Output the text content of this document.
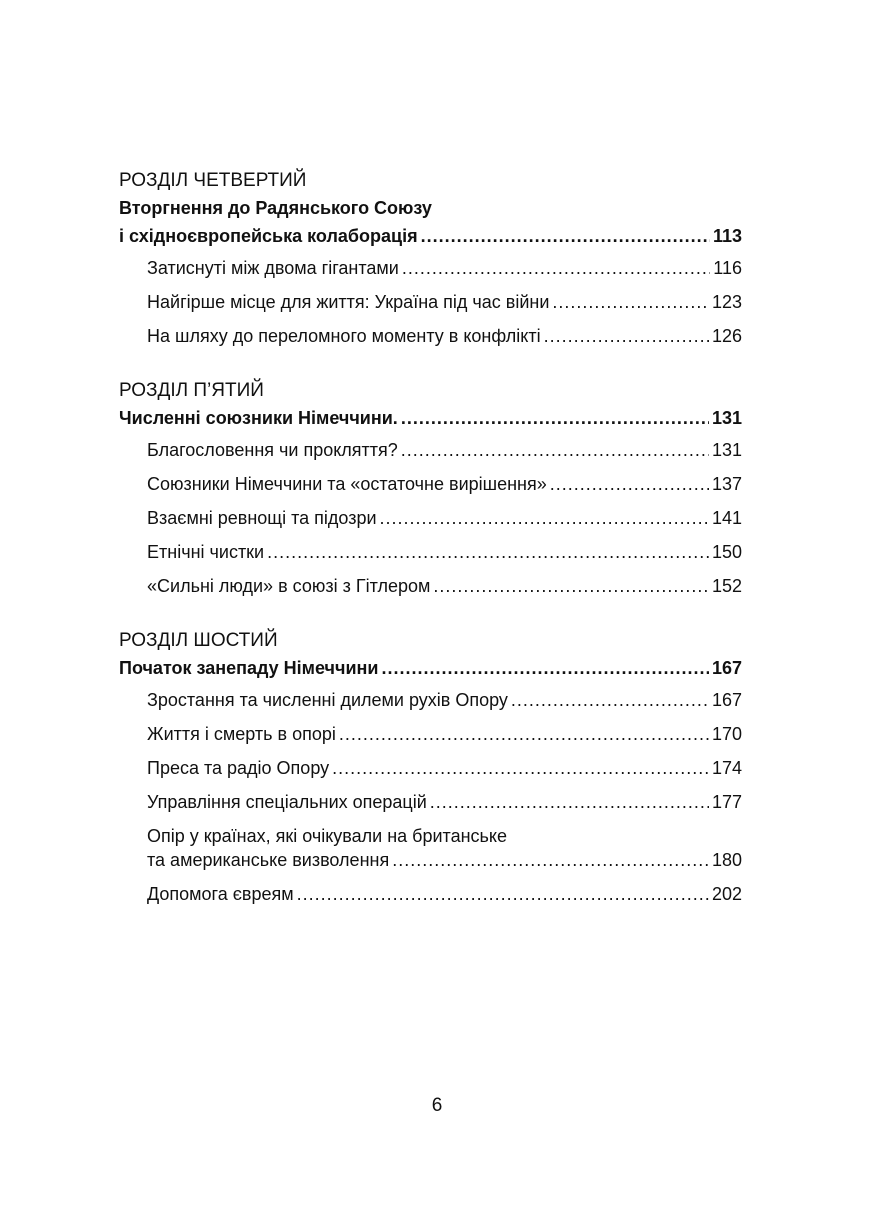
РОЗДІЛ ЧЕТВЕРТИЙ
Вторгнення до Радянського Союзу
і східноєвропейська колаборація .....	113
Затиснуті між двома гігантами .....	116
Найгірше місце для життя: Україна під час війни .....	123
На шляху до переломного моменту в конфлікті .....	126
РОЗДІЛ П’ЯТИЙ
Численні союзники Німеччини. .....	131
Благословення чи прокляття? .....	131
Союзники Німеччини та «остаточне вирішення» .....	137
Взаємні ревнощі та підозри .....	141
Етнічні чистки .....	150
«Сильні люди» в союзі з Гітлером .....	152
РОЗДІЛ ШОСТИЙ
Початок занепаду Німеччини .....	167
Зростання та численні дилеми рухів Опору .....	167
Життя і смерть в опорі .....	170
Преса та радіо Опору .....	174
Управління спеціальних операцій .....	177
Опір у країнах, які очікували на британське
та американське визволення .....	180
Допомога євреям .....	202
6
